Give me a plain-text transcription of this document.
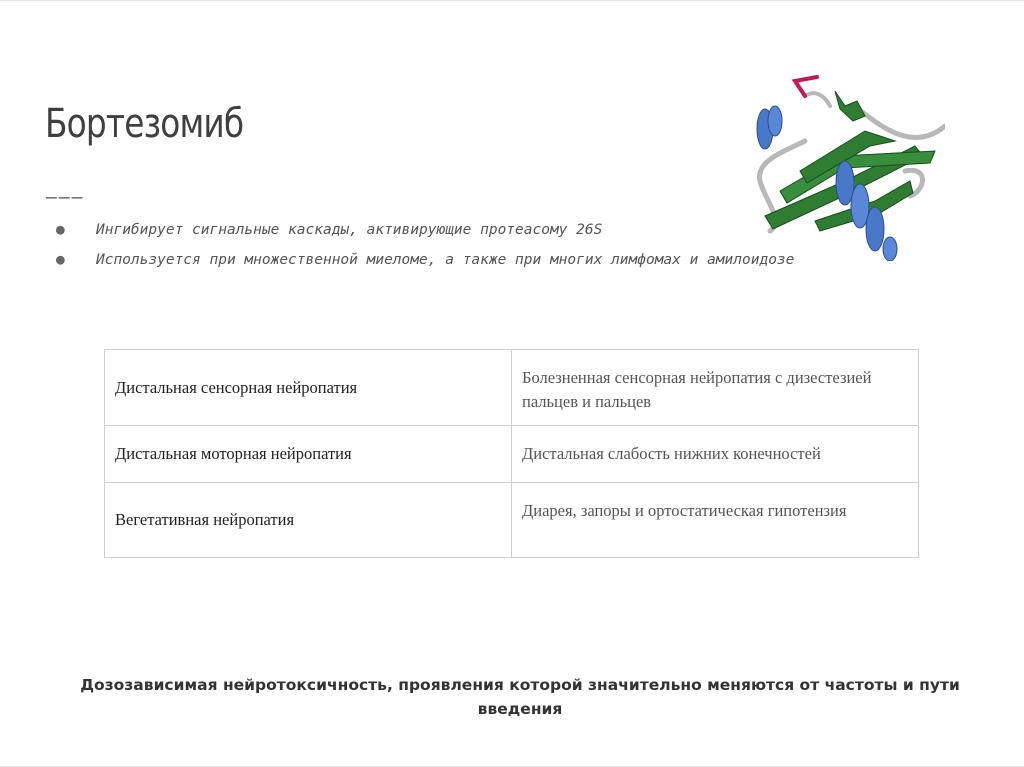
Бортезомиб
———
●	Ингибирует сигнальные каскады, активирующие протеасому 26S
●	Используется при множественной миеломе, а также при многих лимфомах и амилоидозе
Дистальная сенсорная нейропатия	Болезненная сенсорная нейропатия с дизестезией пальцев и пальцев
Дистальная моторная нейропатия	Дистальная слабость нижних конечностей
Вегетативная нейропатия	Диарея, запоры и ортостатическая гипотензия
Дозозависимая нейротоксичность, проявления которой значительно меняются от частоты и пути введения
